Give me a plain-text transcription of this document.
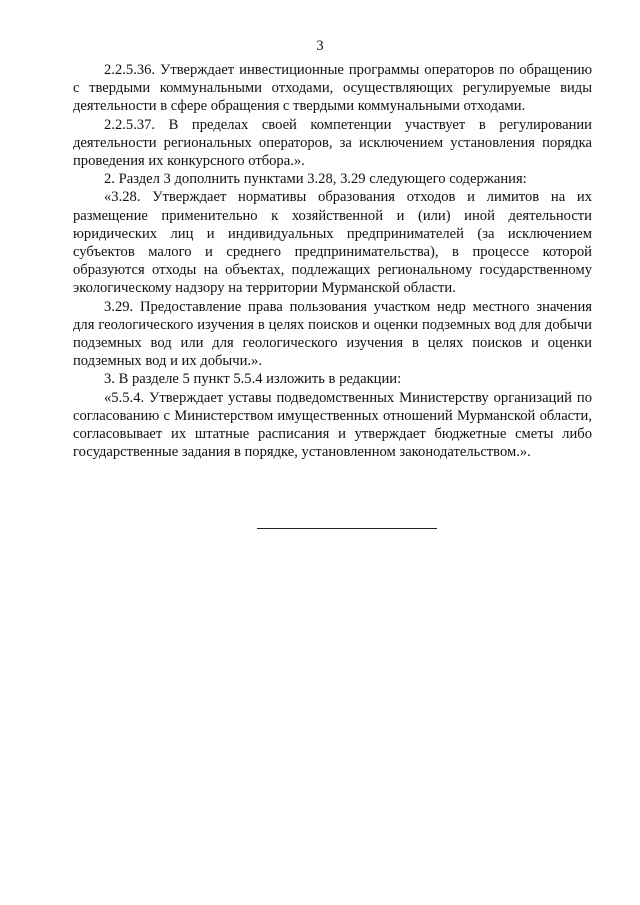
3

2.2.5.36. Утверждает инвестиционные программы операторов по обращению с твердыми коммунальными отходами, осуществляющих регулируемые виды деятельности в сфере обращения с твердыми коммунальными отходами.

2.2.5.37. В пределах своей компетенции участвует в регулировании деятельности региональных операторов, за исключением установления порядка проведения их конкурсного отбора.».

2. Раздел 3 дополнить пунктами 3.28, 3.29 следующего содержания:

«3.28. Утверждает нормативы образования отходов и лимитов на их размещение применительно к хозяйственной и (или) иной деятельности юридических лиц и индивидуальных предпринимателей (за исключением субъектов малого и среднего предпринимательства), в процессе которой образуются отходы на объектах, подлежащих региональному государственному экологическому надзору на территории Мурманской области.

3.29. Предоставление права пользования участком недр местного значения для геологического изучения в целях поисков и оценки подземных вод для добычи подземных вод или для геологического изучения в целях поисков и оценки подземных вод и их добычи.».

3. В разделе 5 пункт 5.5.4 изложить в редакции:

«5.5.4. Утверждает уставы подведомственных Министерству организаций по согласованию с Министерством имущественных отношений Мурманской области, согласовывает их штатные расписания и утверждает бюджетные сметы либо государственные задания в порядке, установленном законодательством.».
